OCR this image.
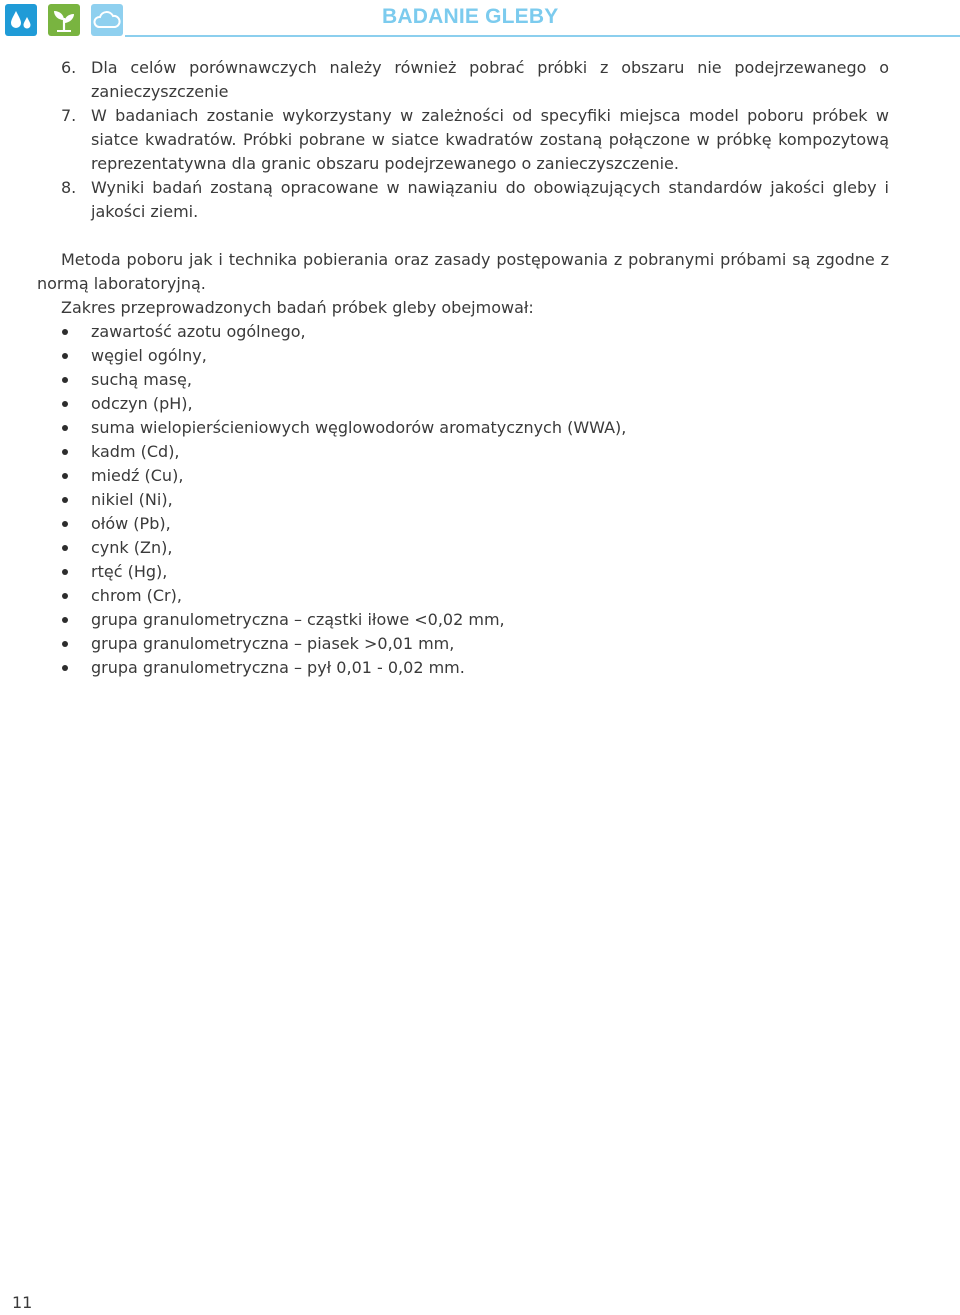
BADANIE GLEBY
6. Dla celów porównawczych należy również pobrać próbki z obszaru nie podejrzewanego o
zanieczyszczenie
7. W badaniach zostanie wykorzystany w zależności od specyfiki miejsca model poboru próbek w
siatce kwadratów. Próbki pobrane w siatce kwadratów zostaną połączone w próbkę kompozytową
reprezentatywna dla granic obszaru podejrzewanego o zanieczyszczenie.
8. Wyniki badań zostaną opracowane w nawiązaniu do obowiązujących standardów jakości gleby i
jakości ziemi.
Metoda poboru jak i technika pobierania oraz zasady postępowania z pobranymi próbami są zgodne z
normą laboratoryjną.
Zakres przeprowadzonych badań próbek gleby obejmował:
zawartość azotu ogólnego,
węgiel ogólny,
suchą masę,
odczyn (pH),
suma wielopierścieniowych węglowodorów aromatycznych (WWA),
kadm (Cd),
miedź (Cu),
nikiel (Ni),
ołów (Pb),
cynk (Zn),
rtęć (Hg),
chrom (Cr),
grupa granulometryczna – cząstki iłowe <0,02 mm,
grupa granulometryczna – piasek >0,01 mm,
grupa granulometryczna – pył 0,01 - 0,02 mm.
11
